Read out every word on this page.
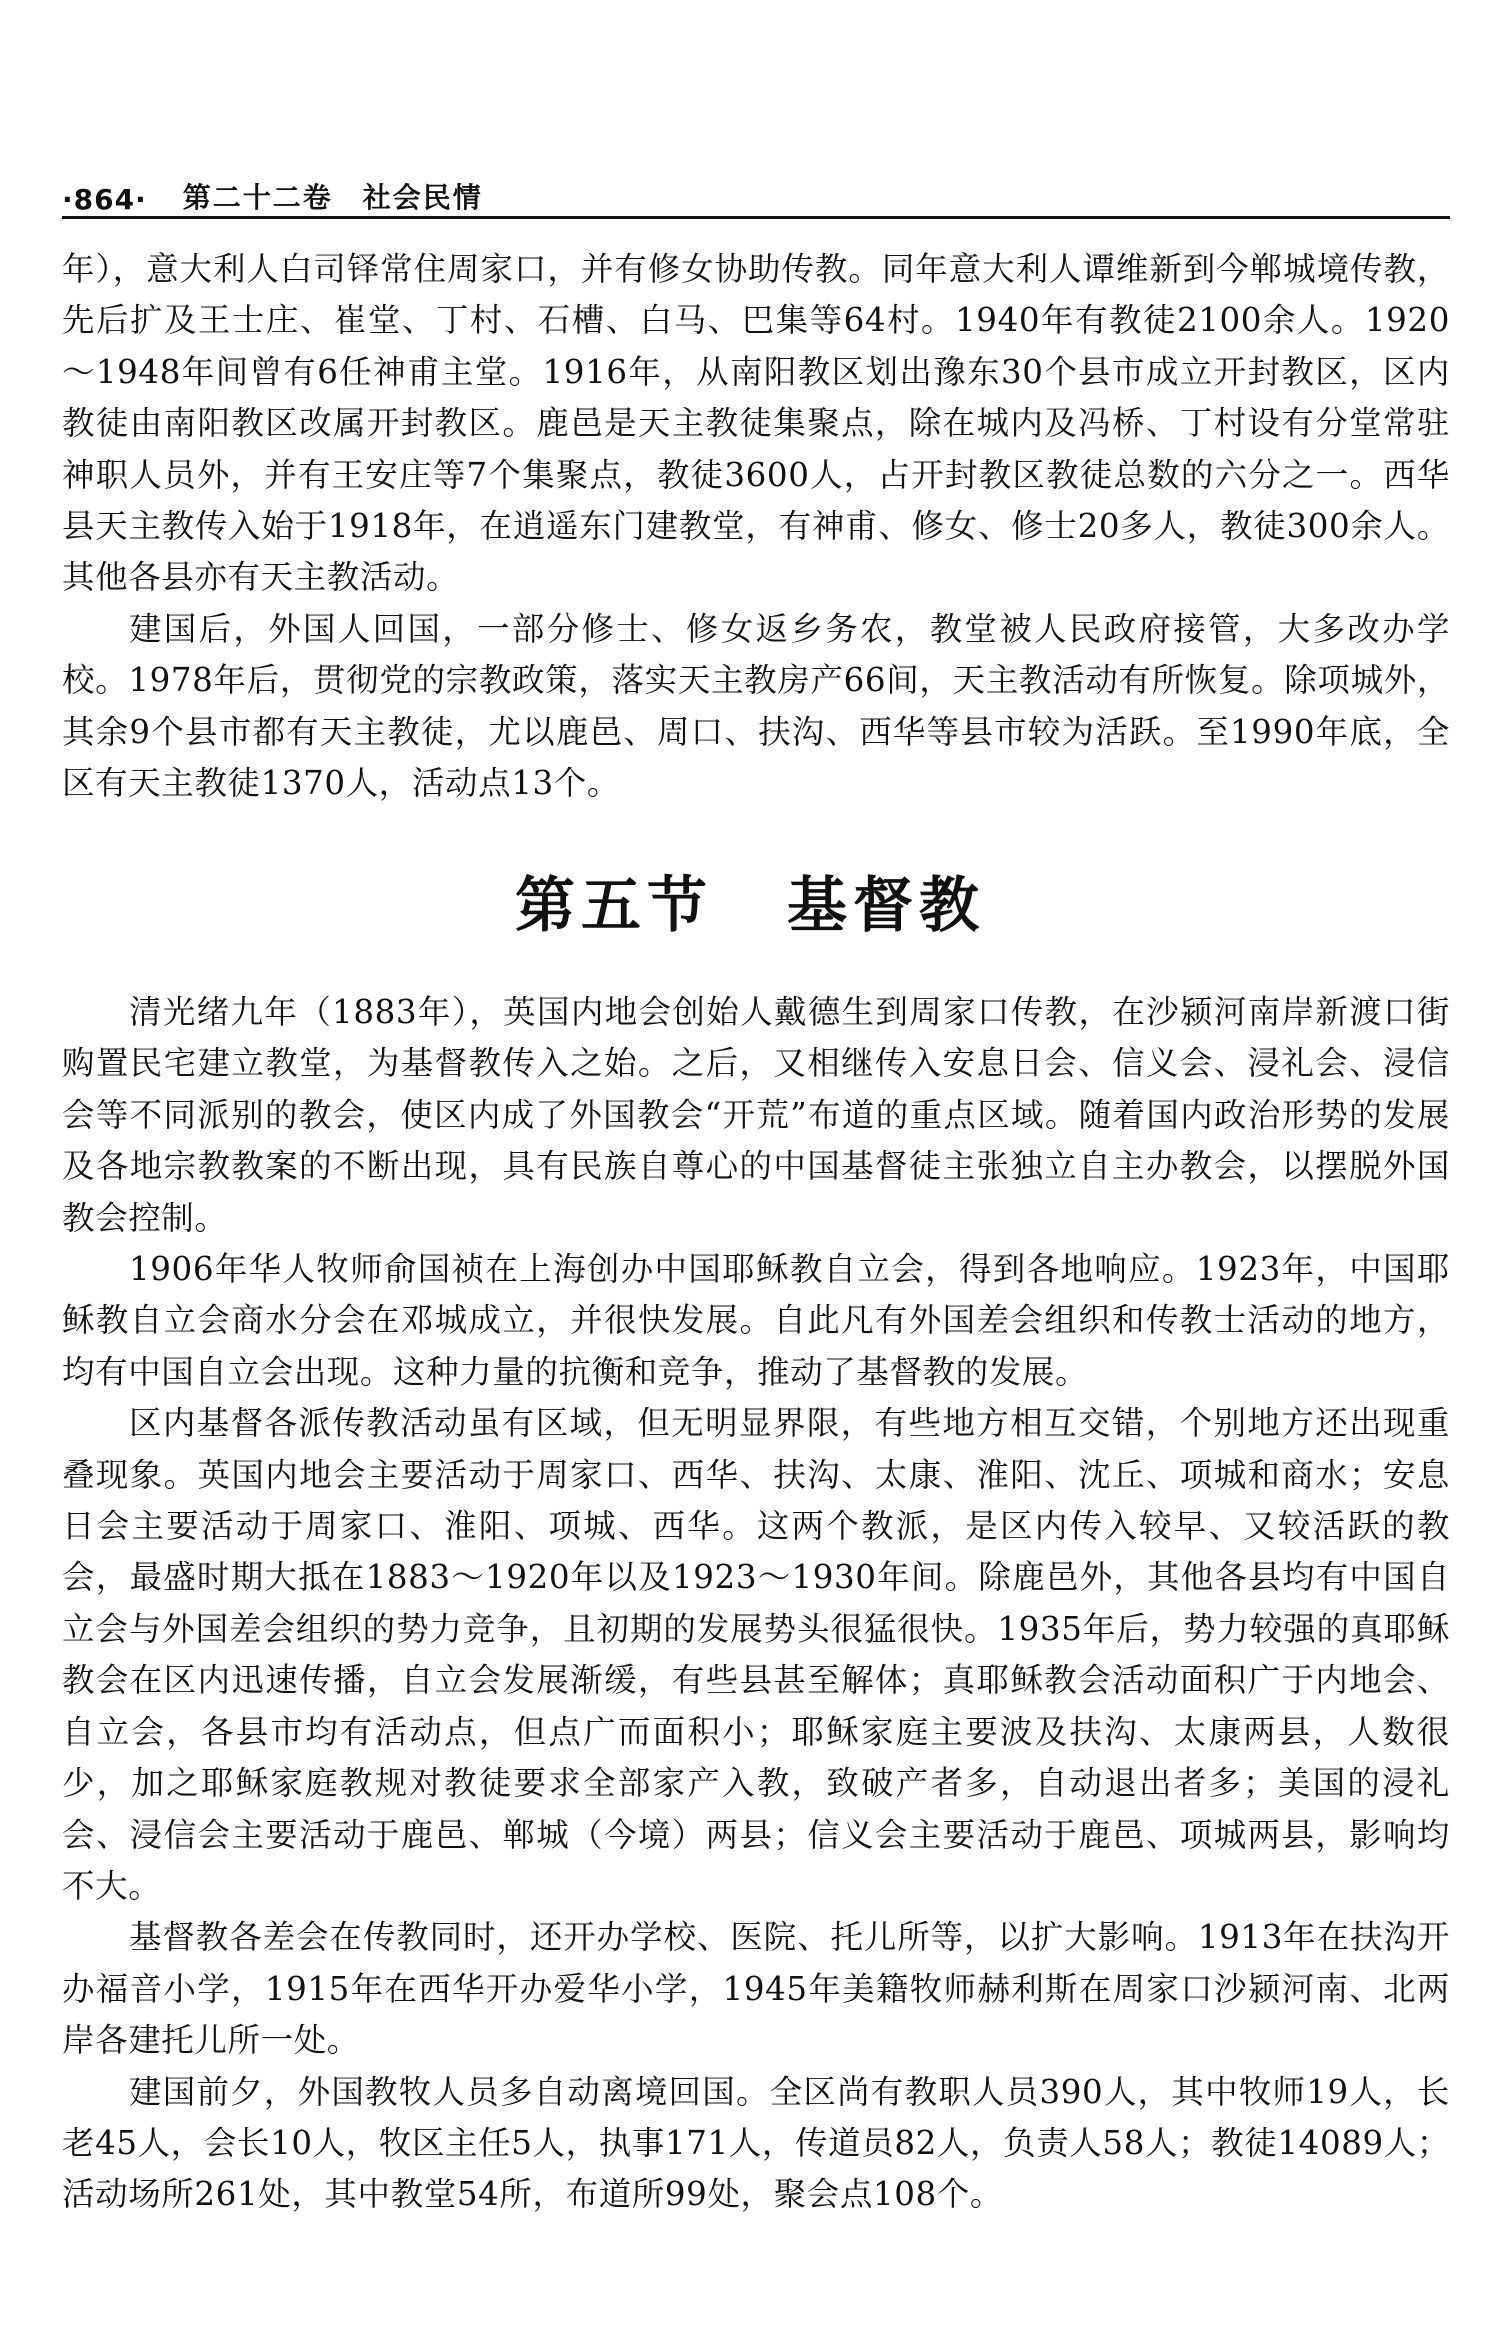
·864· 第二十二卷　社会民情

年），意大利人白司铎常住周家口，并有修女协助传教。同年意大利人谭维新到今郸城境传教，先后扩及王士庄、崔堂、丁村、石槽、白马、巴集等64村。1940年有教徒2100余人。1920～1948年间曾有6任神甫主堂。1916年，从南阳教区划出豫东30个县市成立开封教区，区内教徒由南阳教区改属开封教区。鹿邑是天主教徒集聚点，除在城内及冯桥、丁村设有分堂常驻神职人员外，并有王安庄等7个集聚点，教徒3600人，占开封教区教徒总数的六分之一。西华县天主教传入始于1918年，在逍遥东门建教堂，有神甫、修女、修士20多人，教徒300余人。其他各县亦有天主教活动。

建国后，外国人回国，一部分修士、修女返乡务农，教堂被人民政府接管，大多改办学校。1978年后，贯彻党的宗教政策，落实天主教房产66间，天主教活动有所恢复。除项城外，其余9个县市都有天主教徒，尤以鹿邑、周口、扶沟、西华等县市较为活跃。至1990年底，全区有天主教徒1370人，活动点13个。

第五节 基督教

清光绪九年（1883年），英国内地会创始人戴德生到周家口传教，在沙颍河南岸新渡口街购置民宅建立教堂，为基督教传入之始。之后，又相继传入安息日会、信义会、浸礼会、浸信会等不同派别的教会，使区内成了外国教会“开荒”布道的重点区域。随着国内政治形势的发展及各地宗教教案的不断出现，具有民族自尊心的中国基督徒主张独立自主办教会，以摆脱外国教会控制。

1906年华人牧师俞国祯在上海创办中国耶稣教自立会，得到各地响应。1923年，中国耶稣教自立会商水分会在邓城成立，并很快发展。自此凡有外国差会组织和传教士活动的地方，均有中国自立会出现。这种力量的抗衡和竞争，推动了基督教的发展。

区内基督各派传教活动虽有区域，但无明显界限，有些地方相互交错，个别地方还出现重叠现象。英国内地会主要活动于周家口、西华、扶沟、太康、淮阳、沈丘、项城和商水；安息日会主要活动于周家口、淮阳、项城、西华。这两个教派，是区内传入较早、又较活跃的教会，最盛时期大抵在1883～1920年以及1923～1930年间。除鹿邑外，其他各县均有中国自立会与外国差会组织的势力竞争，且初期的发展势头很猛很快。1935年后，势力较强的真耶稣教会在区内迅速传播，自立会发展渐缓，有些县甚至解体；真耶稣教会活动面积广于内地会、自立会，各县市均有活动点，但点广而面积小；耶稣家庭主要波及扶沟、太康两县，人数很少，加之耶稣家庭教规对教徒要求全部家产入教，致破产者多，自动退出者多；美国的浸礼会、浸信会主要活动于鹿邑、郸城（今境）两县；信义会主要活动于鹿邑、项城两县，影响均不大。

基督教各差会在传教同时，还开办学校、医院、托儿所等，以扩大影响。1913年在扶沟开办福音小学，1915年在西华开办爱华小学，1945年美籍牧师赫利斯在周家口沙颍河南、北两岸各建托儿所一处。

建国前夕，外国教牧人员多自动离境回国。全区尚有教职人员390人，其中牧师19人，长老45人，会长10人，牧区主任5人，执事171人，传道员82人，负责人58人；教徒14089人；活动场所261处，其中教堂54所，布道所99处，聚会点108个。
